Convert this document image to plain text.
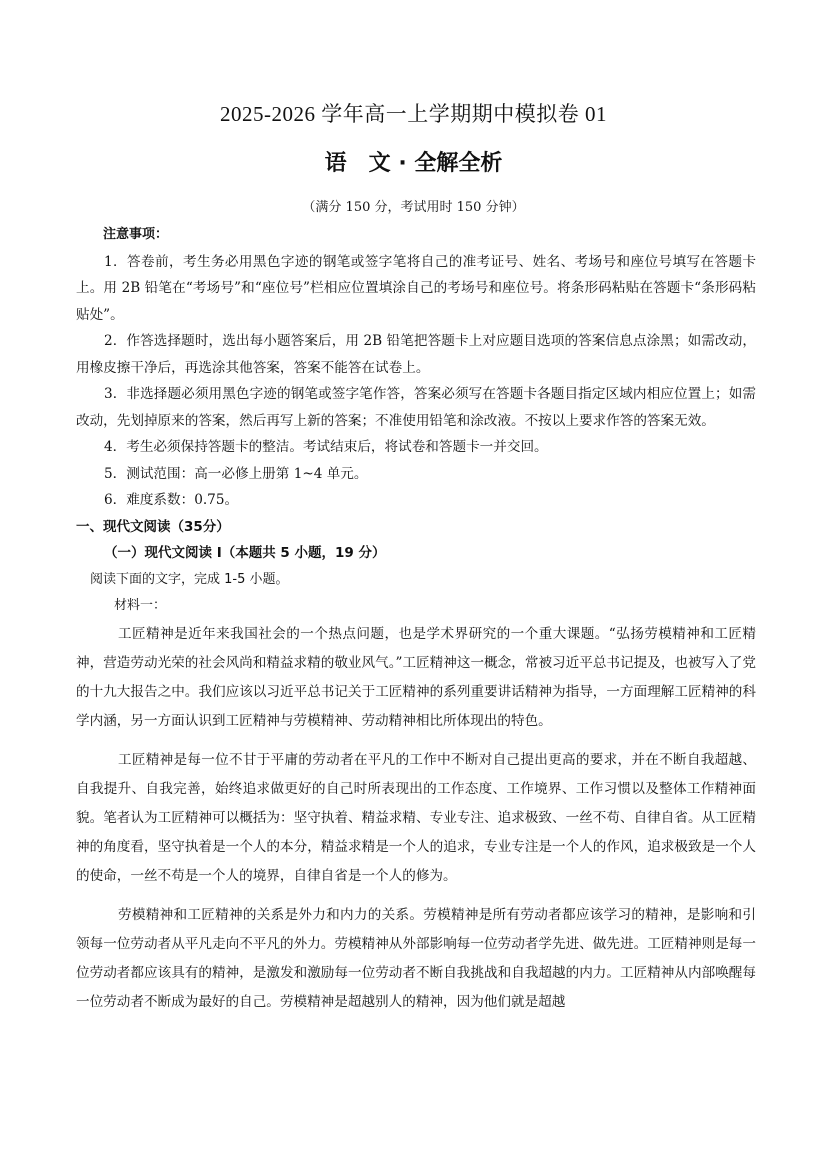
2025-2026 学年高一上学期期中模拟卷 01
语 文 · 全解全析
（满分 150 分，考试用时 150 分钟）

注意事项：

1．答卷前，考生务必用黑色字迹的钢笔或签字笔将自己的准考证号、姓名、考场号和座位号填写在答题卡上。用 2B 铅笔在“考场号”和“座位号”栏相应位置填涂自己的考场号和座位号。将条形码粘贴在答题卡“条形码粘贴处”。

2．作答选择题时，选出每小题答案后，用 2B 铅笔把答题卡上对应题目选项的答案信息点涂黑；如需改动，用橡皮擦干净后，再选涂其他答案，答案不能答在试卷上。

3．非选择题必须用黑色字迹的钢笔或签字笔作答，答案必须写在答题卡各题目指定区域内相应位置上；如需改动，先划掉原来的答案，然后再写上新的答案；不准使用铅笔和涂改液。不按以上要求作答的答案无效。

4．考生必须保持答题卡的整洁。考试结束后，将试卷和答题卡一并交回。

5．测试范围：高一必修上册第 1~4 单元。

6．难度系数：0.75。

一、现代文阅读（35分）

（一）现代文阅读 I（本题共 5 小题，19 分）

阅读下面的文字，完成 1-5 小题。

材料一：

工匠精神是近年来我国社会的一个热点问题，也是学术界研究的一个重大课题。“弘扬劳模精神和工匠精神，营造劳动光荣的社会风尚和精益求精的敬业风气。”工匠精神这一概念，常被习近平总书记提及，也被写入了党的十九大报告之中。我们应该以习近平总书记关于工匠精神的系列重要讲话精神为指导，一方面理解工匠精神的科学内涵，另一方面认识到工匠精神与劳模精神、劳动精神相比所体现出的特色。

工匠精神是每一位不甘于平庸的劳动者在平凡的工作中不断对自己提出更高的要求，并在不断自我超越、自我提升、自我完善，始终追求做更好的自己时所表现出的工作态度、工作境界、工作习惯以及整体工作精神面貌。笔者认为工匠精神可以概括为：坚守执着、精益求精、专业专注、追求极致、一丝不苟、自律自省。从工匠精神的角度看，坚守执着是一个人的本分，精益求精是一个人的追求，专业专注是一个人的作风，追求极致是一个人的使命，一丝不苟是一个人的境界，自律自省是一个人的修为。

劳模精神和工匠精神的关系是外力和内力的关系。劳模精神是所有劳动者都应该学习的精神，是影响和引领每一位劳动者从平凡走向不平凡的外力。劳模精神从外部影响每一位劳动者学先进、做先进。工匠精神则是每一位劳动者都应该具有的精神，是激发和激励每一位劳动者不断自我挑战和自我超越的内力。工匠精神从内部唤醒每一位劳动者不断成为最好的自己。劳模精神是超越别人的精神，因为他们就是超越
